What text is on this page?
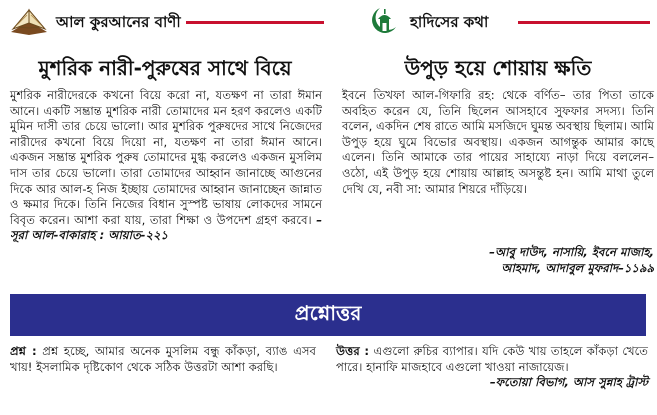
আল কুরআনের বাণী
মুশরিক নারী-পুরুষের সাথে বিয়ে
মুশরিক নারীদেরকে কখনো বিয়ে করো না, যতক্ষণ না তারা ঈমান আনে। একটি সম্ভ্রান্ত মুশরিক নারী তোমাদের মন হরণ করলেও একটি মুমিন দাসী তার চেয়ে ভালো। আর মুশরিক পুরুষদের সাথে নিজেদের নারীদের কখনো বিয়ে দিয়ো না, যতক্ষণ না তারা ঈমান আনে। একজন সম্ভ্রান্ত মুশরিক পুরুষ তোমাদের মুগ্ধ করলেও একজন মুসলিম দাস তার চেয়ে ভালো। তারা তোমাদের আহ্বান জানাচ্ছে আগুনের দিকে আর আল-হ নিজ ইচ্ছায় তোমাদের আহ্বান জানাচ্ছেন জান্নাত ও ক্ষমার দিকে। তিনি নিজের বিধান সুস্পষ্ট ভাষায় লোকদের সামনে বিবৃত করেন। আশা করা যায়, তারা শিক্ষা ও উপদেশ গ্রহণ করবে। –সূরা আল-বাকারাহ : আয়াত-২২১
হাদিসের কথা
উপুড় হয়ে শোয়ায় ক্ষতি
ইবনে তিখফা আল-গিফারি রহ: থেকে বর্ণিত– তার পিতা তাকে অবহিত করেন যে, তিনি ছিলেন আসহাবে সুফফার সদস্য। তিনি বলেন, একদিন শেষ রাতে আমি মসজিদে ঘুমন্ত অবস্থায় ছিলাম। আমি উপুড় হয়ে ঘুমে বিভোর অবস্থায়। একজন আগন্তুক আমার কাছে এলেন। তিনি আমাকে তার পায়ের সাহায্যে নাড়া দিয়ে বললেন–ওঠো, এই উপুড় হয়ে শোয়ায় আল্লাহ অসন্তুষ্ট হন। আমি মাথা তুলে দেখি যে, নবী সা: আমার শিয়রে দাঁড়িয়ে।
–আবু দাউদ, নাসায়ি, ইবনে মাজাহ,
আহমাদ, আদাবুল মুফরাদ–১১৯৯
প্রশ্নোত্তর
প্রশ্ন : প্রশ্ন হচ্ছে, আমার অনেক মুসলিম বন্ধু কাঁকড়া, ব্যাঙ এসব খায়! ইসলামিক দৃষ্টিকোণ থেকে সঠিক উত্তরটা আশা করছি।
উত্তর : এগুলো রুচির ব্যাপার। যদি কেউ খায় তাহলে কাঁকড়া খেতে পারে। হানাফি মাজহাবে এগুলো খাওয়া নাজায়েজ।
–ফতোয়া বিভাগ, আস সুন্নাহ ট্রাস্ট
